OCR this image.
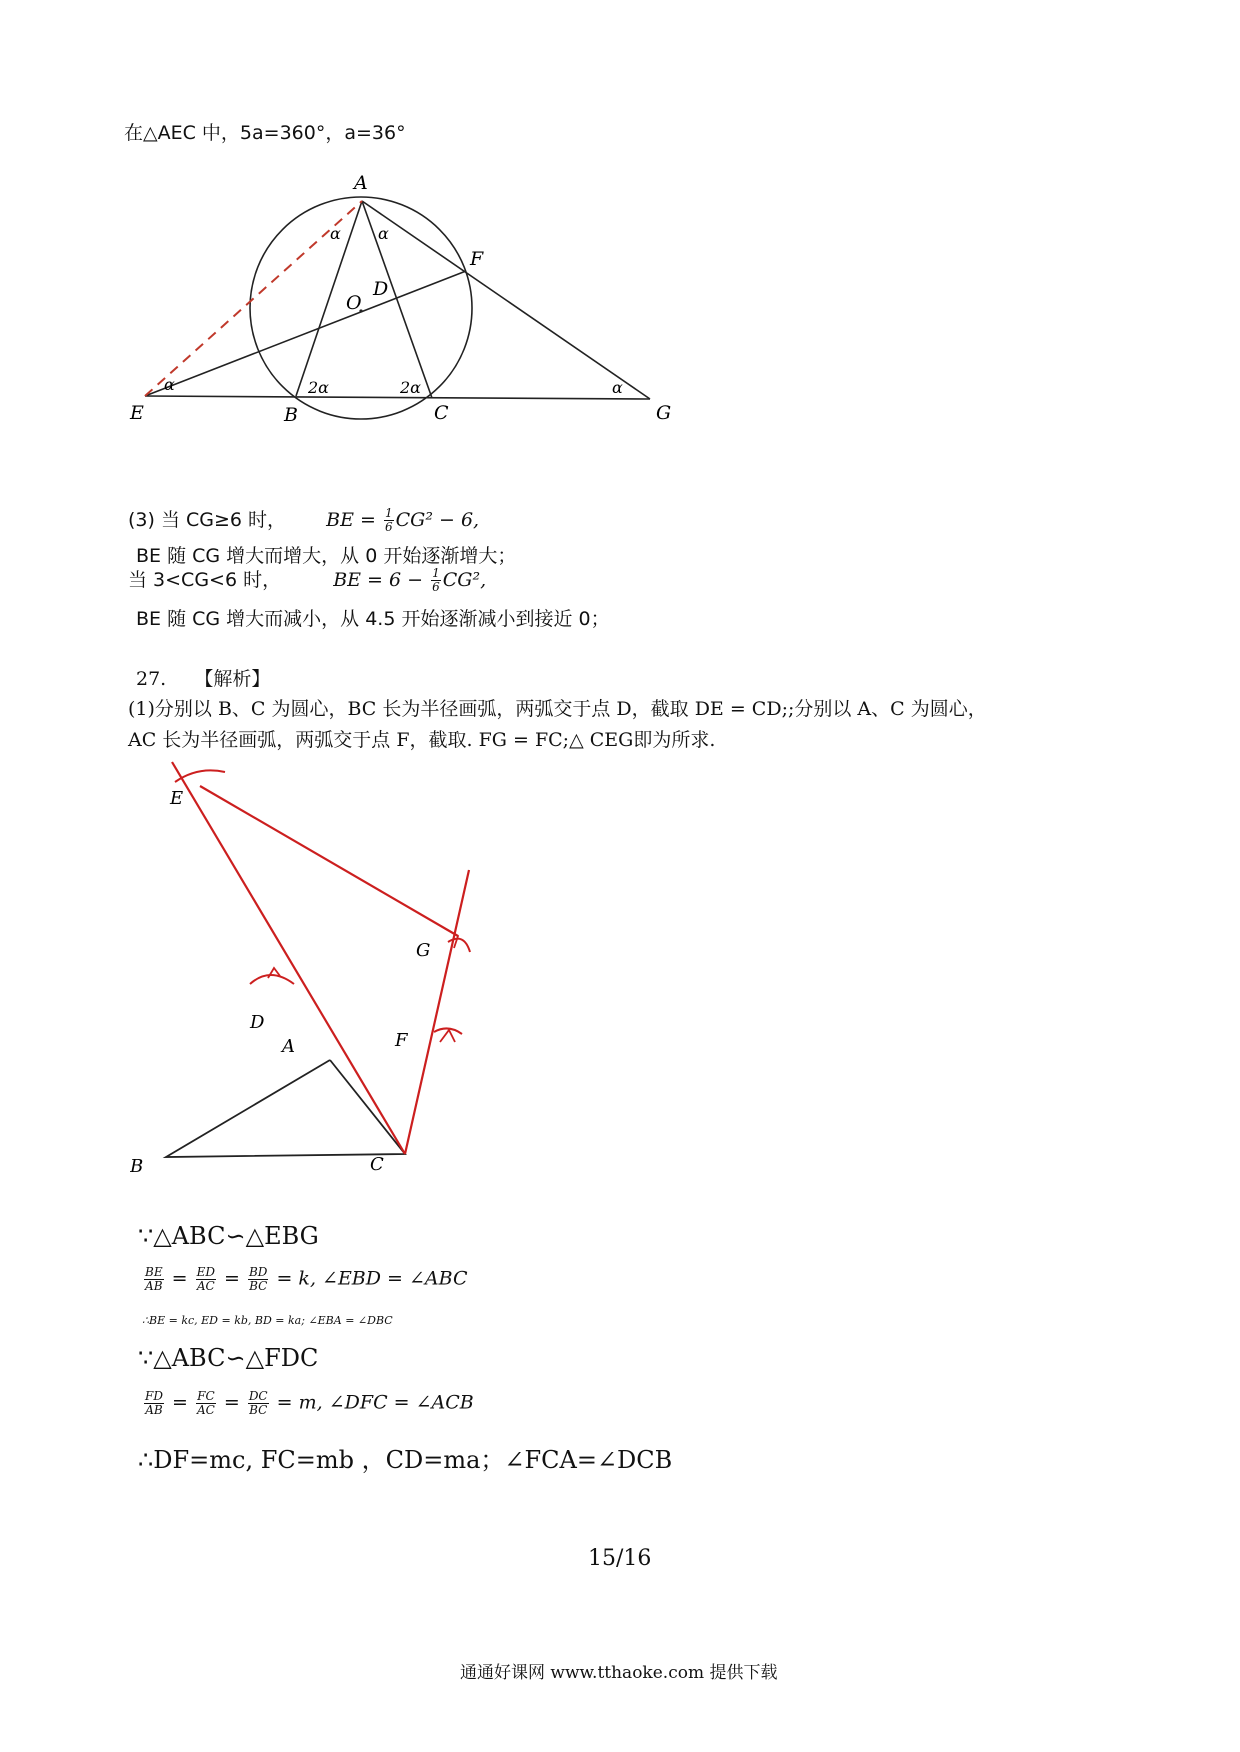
在△AEC 中，5a=360°，a=36°
A
F
O
D
E	B	C	G
α α
α	2α	2α	α
(3) 当 CG≥6 时， BE = $\frac{1}{6} CG^2 - 6$,
BE 随 CG 增大而增大，从 0 开始逐渐增大；
当 3<CG<6 时，	BE = $6 - \frac{1}{6} CG^2$,
BE 随 CG 增大而减小，从 4.5 开始逐渐减小到接近 0；
27. 【解析】
(1)分别以 B、C 为圆心，BC 长为半径画弧，两弧交于点 D，截取 DE = CD;;分别以 A、C 为圆心，
AC 长为半径画弧，两弧交于点 F，截取. FG = FC;△ CEG即为所求.
E
G
D
A	F
B	C
∵△ABC∽△EBG
$\frac{BE}{AB} = \frac{ED}{AC} = \frac{BD}{BC} = k$, ∠EBD = ∠ABC
∴BE = kc, ED = kb, BD = ka; ∠EBA = ∠DBC
∵△ABC∽△FDC
$\frac{FD}{AB} = \frac{FC}{AC} = \frac{DC}{BC} = m$, ∠DFC = ∠ACB
∴DF=mc, FC=mb ，CD=ma；∠FCA=∠DCB
15/16
通通好课网 www.tthaoke.com 提供下载
